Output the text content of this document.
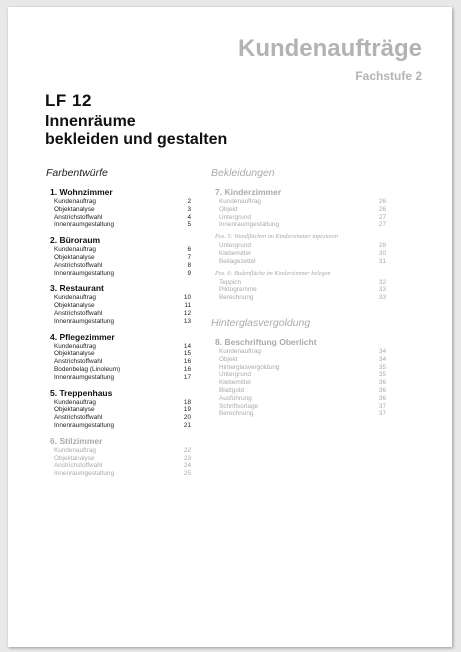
Kundenaufträge
Fachstufe 2
LF 12
Innenräume
bekleiden und gestalten
Farbentwürfe
1. Wohnzimmer
Kundenauftrag	2
Objektanalyse	3
Anstrichstoffwahl	4
Innenraumgestaltung	5
2. Büroraum
Kundenauftrag	6
Objektanalyse	7
Anstrichstoffwahl	8
Innenraumgestaltung	9
3. Restaurant
Kundenauftrag	10
Objektanalyse	11
Anstrichstoffwahl	12
Innenraumgestaltung	13
4. Pflegezimmer
Kundenauftrag	14
Objektanalyse	15
Anstrichstoffwahl	16
Bodenbelag (Linoleum)	16
Innenraumgestaltung	17
5. Treppenhaus
Kundenauftrag	18
Objektanalyse	19
Anstrichstoffwahl	20
Innenraumgestaltung	21
6. Stilzimmer
Kundenauftrag	22
Objektanalyse	23
Anstrichstoffwahl	24
Innenraumgestaltung	25
Bekleidungen
7. Kinderzimmer
Kundenauftrag	26
Objekt	26
Untergrund	27
Innenraumgestaltung	27
Pos. 5: Wandflächen im Kinderzimmer tapezieren
Untergrund	28
Klebemittel	30
Beilagezettel	31
Pos. 6: Bodenfläche im Kinderzimmer belegen
Teppich	32
Piktogramme	33
Berechnung	33
Hinterglasvergoldung
8. Beschriftung Oberlicht
Kundenauftrag	34
Objekt	34
Hinterglasvergoldung	35
Untergrund	35
Klebemittel	36
Blattgold	36
Ausführung	36
Schriftvorlage	37
Berechnung	37
